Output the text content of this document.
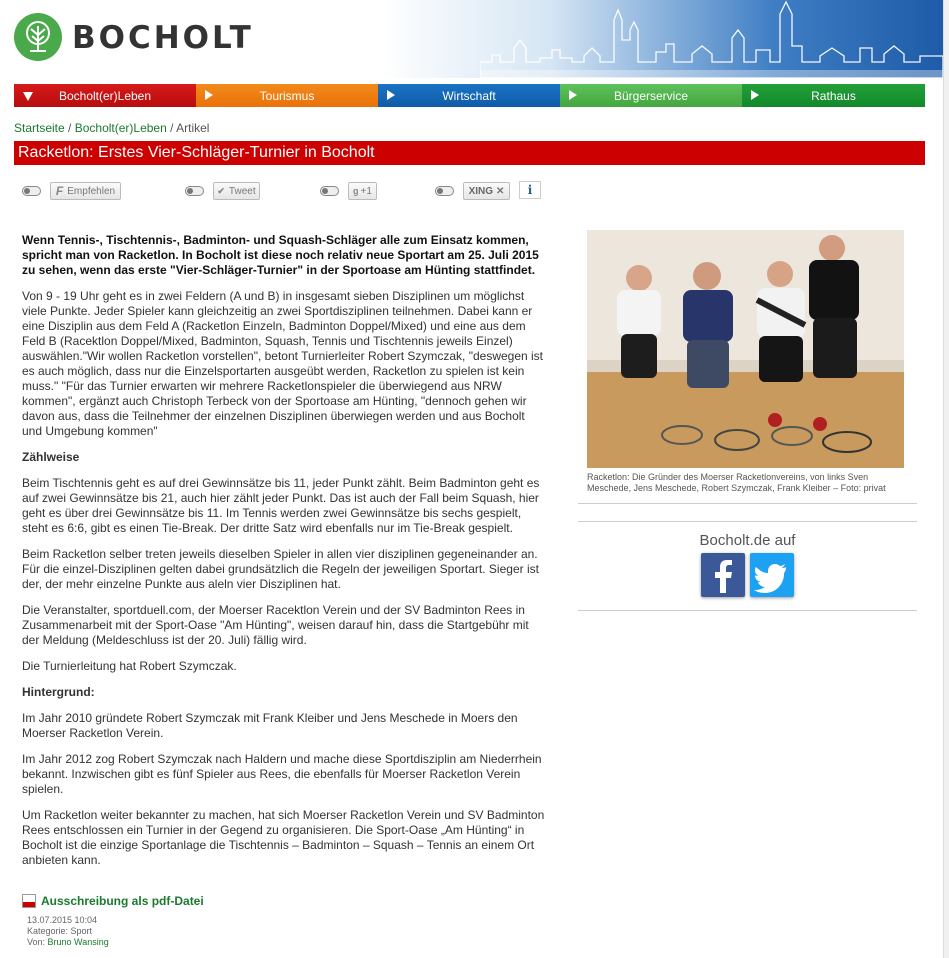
BOCHOLT
Bocholt(er)Leben	Tourismus	Wirtschaft	Bürgerservice	Rathaus
Startseite / Bocholt(er)Leben / Artikel
Racketlon: Erstes Vier-Schläger-Turnier in Bocholt
F Empfehlen	✔ Tweet	g +1	XING ✕	i

Wenn Tennis-, Tischtennis-, Badminton- und Squash-Schläger alle zum Einsatz kommen, spricht man von Racketlon. In Bocholt ist diese noch relativ neue Sportart am 25. Juli 2015 zu sehen, wenn das erste "Vier-Schläger-Turnier" in der Sportoase am Hünting stattfindet.

Von 9 - 19 Uhr geht es in zwei Feldern (A und B) in insgesamt sieben Disziplinen um möglichst viele Punkte. Jeder Spieler kann gleichzeitig an zwei Sportdisziplinen teilnehmen. Dabei kann er eine Disziplin aus dem Feld A (Racketlon Einzeln, Badminton Doppel/Mixed) und eine aus dem Feld B (Racektlon Doppel/Mixed, Badminton, Squash, Tennis und Tischtennis jeweils Einzel) auswählen."Wir wollen Racketlon vorstellen", betont Turnierleiter Robert Szymczak, "deswegen ist es auch möglich, dass nur die Einzelsportarten ausgeübt werden, Racketlon zu spielen ist kein muss." "Für das Turnier erwarten wir mehrere Racketlonspieler die überwiegend aus NRW kommen", ergänzt auch Christoph Terbeck von der Sportoase am Hünting, "dennoch gehen wir davon aus, dass die Teilnehmer der einzelnen Disziplinen überwiegen werden und aus Bocholt und Umgebung kommen"

Zählweise

Beim Tischtennis geht es auf drei Gewinnsätze bis 11, jeder Punkt zählt. Beim Badminton geht es auf zwei Gewinnsätze bis 21, auch hier zählt jeder Punkt. Das ist auch der Fall beim Squash, hier geht es über drei Gewinnsätze bis 11. Im Tennis werden zwei Gewinnsätze bis sechs gespielt, steht es 6:6, gibt es einen Tie-Break. Der dritte Satz wird ebenfalls nur im Tie-Break gespielt.

Beim Racketlon selber treten jeweils dieselben Spieler in allen vier disziplinen gegeneinander an. Für die einzel-Disziplinen gelten dabei grundsätzlich die Regeln der jeweiligen Sportart. Sieger ist der, der mehr einzelne Punkte aus aleln vier Disziplinen hat.

Die Veranstalter, sportduell.com, der Moerser Racektlon Verein und der SV Badminton Rees in Zusammenarbeit mit der Sport-Oase "Am Hünting", weisen darauf hin, dass die Startgebühr mit der Meldung (Meldeschluss ist der 20. Juli) fällig wird.

Die Turnierleitung hat Robert Szymczak.

Hintergrund:

Im Jahr 2010 gründete Robert Szymczak mit Frank Kleiber und Jens Meschede in Moers den Moerser Racketlon Verein.

Im Jahr 2012 zog Robert Szymczak nach Haldern und mache diese Sportdisziplin am Niederrhein bekannt. Inzwischen gibt es fünf Spieler aus Rees, die ebenfalls für Moerser Racketlon Verein spielen.

Um Racketlon weiter bekannter zu machen, hat sich Moerser Racketlon Verein und SV Badminton Rees entschlossen ein Turnier in der Gegend zu organisieren. Die Sport-Oase „Am Hünting“ in Bocholt ist die einzige Sportanlage die Tischtennis – Badminton – Squash – Tennis an einem Ort anbieten kann.

Ausschreibung als pdf-Datei
13.07.2015 10:04
Kategorie: Sport
Von: Bruno Wansing
Racketlon: Die Gründer des Moerser Racketlonvereins, von links Sven Meschede, Jens Meschede, Robert Szymczak, Frank Kleiber – Foto: privat
Bocholt.de auf
